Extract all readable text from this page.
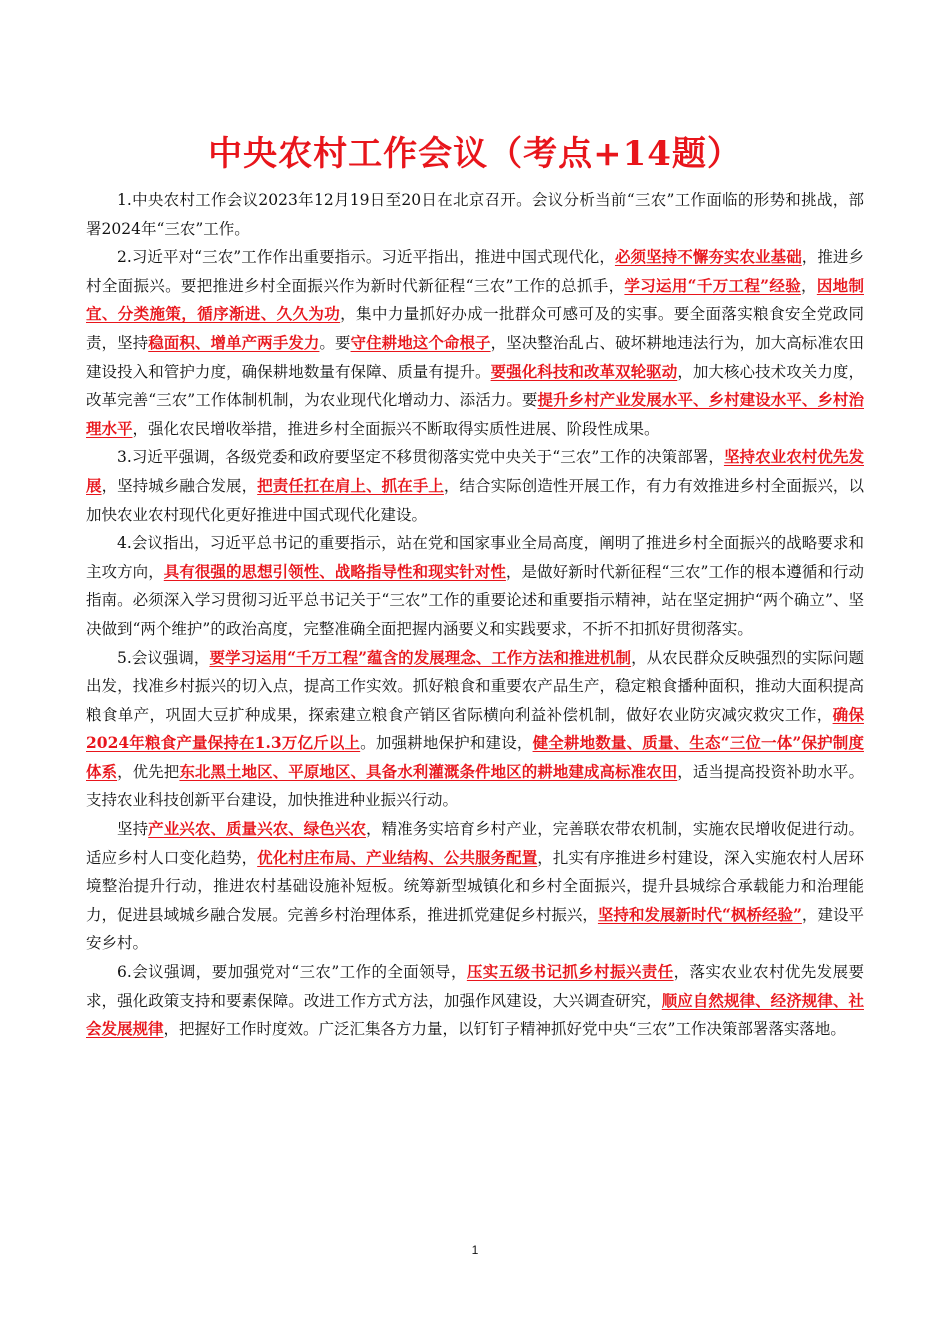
中央农村工作会议（考点+14题）

1.中央农村工作会议2023年12月19日至20日在北京召开。会议分析当前“三农”工作面临的形势和挑战，部署2024年“三农”工作。

2.习近平对“三农”工作作出重要指示。习近平指出，推进中国式现代化，必须坚持不懈夯实农业基础，推进乡村全面振兴。要把推进乡村全面振兴作为新时代新征程“三农”工作的总抓手，学习运用“千万工程”经验，因地制宜、分类施策，循序渐进、久久为功，集中力量抓好办成一批群众可感可及的实事。要全面落实粮食安全党政同责，坚持稳面积、增单产两手发力。要守住耕地这个命根子，坚决整治乱占、破坏耕地违法行为，加大高标准农田建设投入和管护力度，确保耕地数量有保障、质量有提升。要强化科技和改革双轮驱动，加大核心技术攻关力度，改革完善“三农”工作体制机制，为农业现代化增动力、添活力。要提升乡村产业发展水平、乡村建设水平、乡村治理水平，强化农民增收举措，推进乡村全面振兴不断取得实质性进展、阶段性成果。

3.习近平强调，各级党委和政府要坚定不移贯彻落实党中央关于“三农”工作的决策部署，坚持农业农村优先发展，坚持城乡融合发展，把责任扛在肩上、抓在手上，结合实际创造性开展工作，有力有效推进乡村全面振兴，以加快农业农村现代化更好推进中国式现代化建设。

4.会议指出，习近平总书记的重要指示，站在党和国家事业全局高度，阐明了推进乡村全面振兴的战略要求和主攻方向，具有很强的思想引领性、战略指导性和现实针对性，是做好新时代新征程“三农”工作的根本遵循和行动指南。必须深入学习贯彻习近平总书记关于“三农”工作的重要论述和重要指示精神，站在坚定拥护“两个确立”、坚决做到“两个维护”的政治高度，完整准确全面把握内涵要义和实践要求，不折不扣抓好贯彻落实。

5.会议强调，要学习运用“千万工程”蕴含的发展理念、工作方法和推进机制，从农民群众反映强烈的实际问题出发，找准乡村振兴的切入点，提高工作实效。抓好粮食和重要农产品生产，稳定粮食播种面积，推动大面积提高粮食单产，巩固大豆扩种成果，探索建立粮食产销区省际横向利益补偿机制，做好农业防灾减灾救灾工作，确保2024年粮食产量保持在1.3万亿斤以上。加强耕地保护和建设，健全耕地数量、质量、生态“三位一体”保护制度体系，优先把东北黑土地区、平原地区、具备水利灌溉条件地区的耕地建成高标准农田，适当提高投资补助水平。支持农业科技创新平台建设，加快推进种业振兴行动。

坚持产业兴农、质量兴农、绿色兴农，精准务实培育乡村产业，完善联农带农机制，实施农民增收促进行动。适应乡村人口变化趋势，优化村庄布局、产业结构、公共服务配置，扎实有序推进乡村建设，深入实施农村人居环境整治提升行动，推进农村基础设施补短板。统筹新型城镇化和乡村全面振兴，提升县城综合承载能力和治理能力，促进县域城乡融合发展。完善乡村治理体系，推进抓党建促乡村振兴，坚持和发展新时代“枫桥经验”，建设平安乡村。

6.会议强调，要加强党对“三农”工作的全面领导，压实五级书记抓乡村振兴责任，落实农业农村优先发展要求，强化政策支持和要素保障。改进工作方式方法，加强作风建设，大兴调查研究，顺应自然规律、经济规律、社会发展规律，把握好工作时度效。广泛汇集各方力量，以钉钉子精神抓好党中央“三农”工作决策部署落实落地。

1
